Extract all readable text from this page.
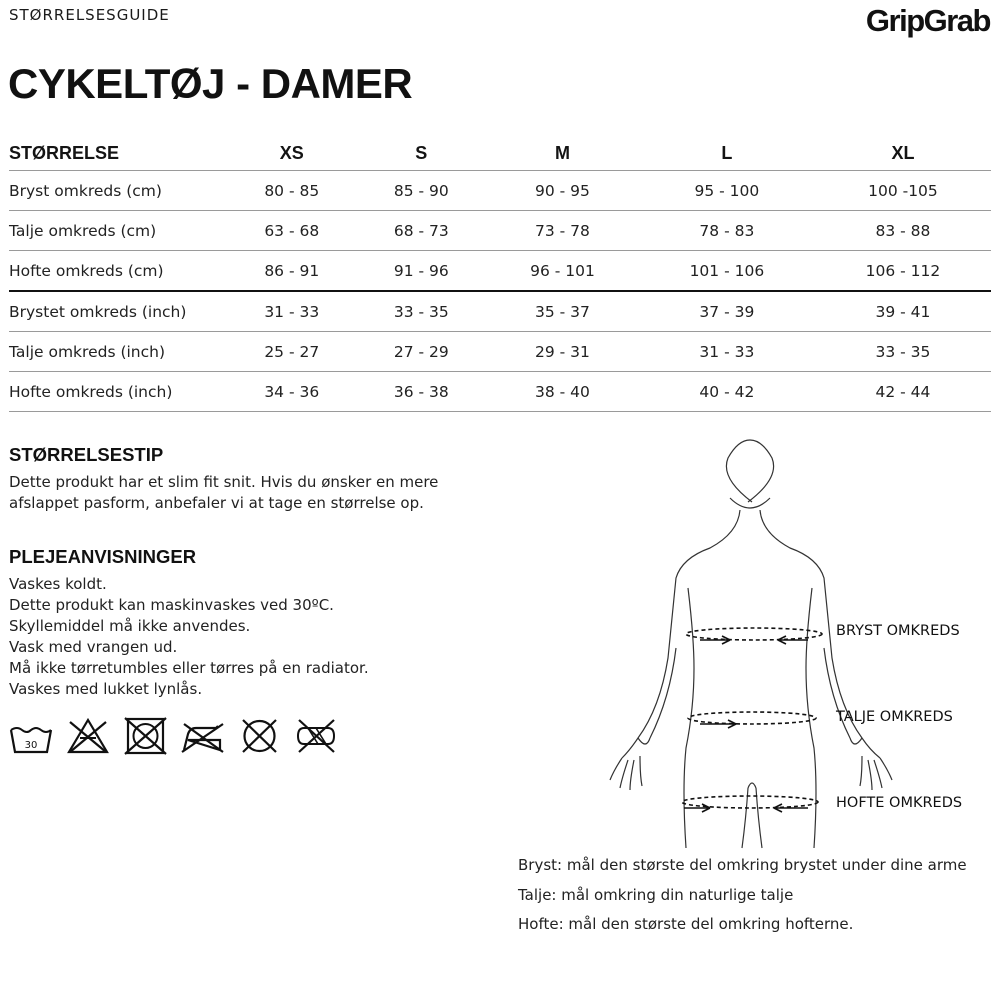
STØRRELSESGUIDE	GripGrab
CYKELTØJ - DAMER
STØRRELSE	XS	S	M	L	XL
Bryst omkreds (cm)	80 - 85	85 - 90	90 - 95	95 - 100	100 -105
Talje omkreds (cm)	63 - 68	68 - 73	73 - 78	78 - 83	83 - 88
Hofte omkreds (cm)	86 - 91	91 - 96	96 - 101	101 - 106	106 - 112
Brystet omkreds (inch)	31 - 33	33 - 35	35 - 37	37 - 39	39 - 41
Talje omkreds (inch)	25 - 27	27 - 29	29 - 31	31 - 33	33 - 35
Hofte omkreds (inch)	34 - 36	36 - 38	38 - 40	40 - 42	42 - 44
STØRRELSESTIP
Dette produkt har et slim fit snit. Hvis du ønsker en mere
afslappet pasform, anbefaler vi at tage en størrelse op.
PLEJEANVISNINGER
Vaskes koldt.
Dette produkt kan maskinvaskes ved 30ºC.
Skyllemiddel må ikke anvendes.
Vask med vrangen ud.
Må ikke tørretumbles eller tørres på en radiator.
Vaskes med lukket lynlås.
30
BRYST OMKREDS
TALJE OMKREDS
HOFTE OMKREDS
Bryst: mål den største del omkring brystet under dine arme
Talje: mål omkring din naturlige talje
Hofte: mål den største del omkring hofterne.
